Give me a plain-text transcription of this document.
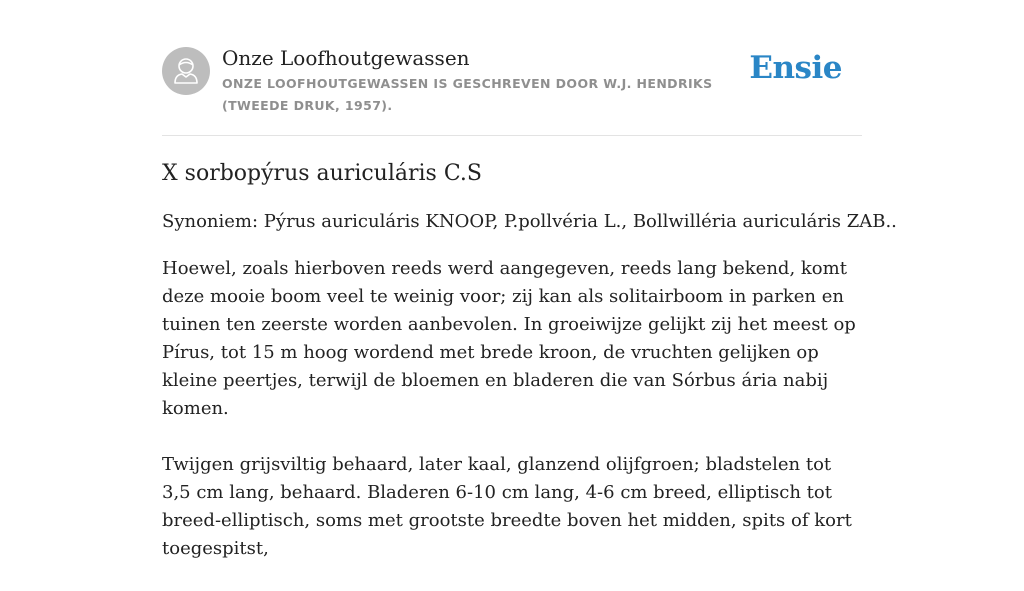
Onze Loofhoutgewassen
ONZE LOOFHOUTGEWASSEN IS GESCHREVEN DOOR W.J. HENDRIKS (TWEEDE DRUK, 1957).
Ensie
X sorbopýrus auriculáris C.S

Synoniem: Pýrus auriculáris KNOOP, P.pollvéria L., Bollwilléria auriculáris ZAB..

Hoewel, zoals hierboven reeds werd aangegeven, reeds lang bekend, komt deze mooie boom veel te weinig voor; zij kan als solitairboom in parken en tuinen ten zeerste worden aanbevolen. In groeiwijze gelijkt zij het meest op Pírus, tot 15 m hoog wordend met brede kroon, de vruchten gelijken op kleine peertjes, terwijl de bloemen en bladeren die van Sórbus ária nabij komen.

Twijgen grijsviltig behaard, later kaal, glanzend olijfgroen; bladstelen tot 3,5 cm lang, behaard. Bladeren 6-10 cm lang, 4-6 cm breed, elliptisch tot breed-elliptisch, soms met grootste breedte boven het midden, spits of kort toegespitst,
